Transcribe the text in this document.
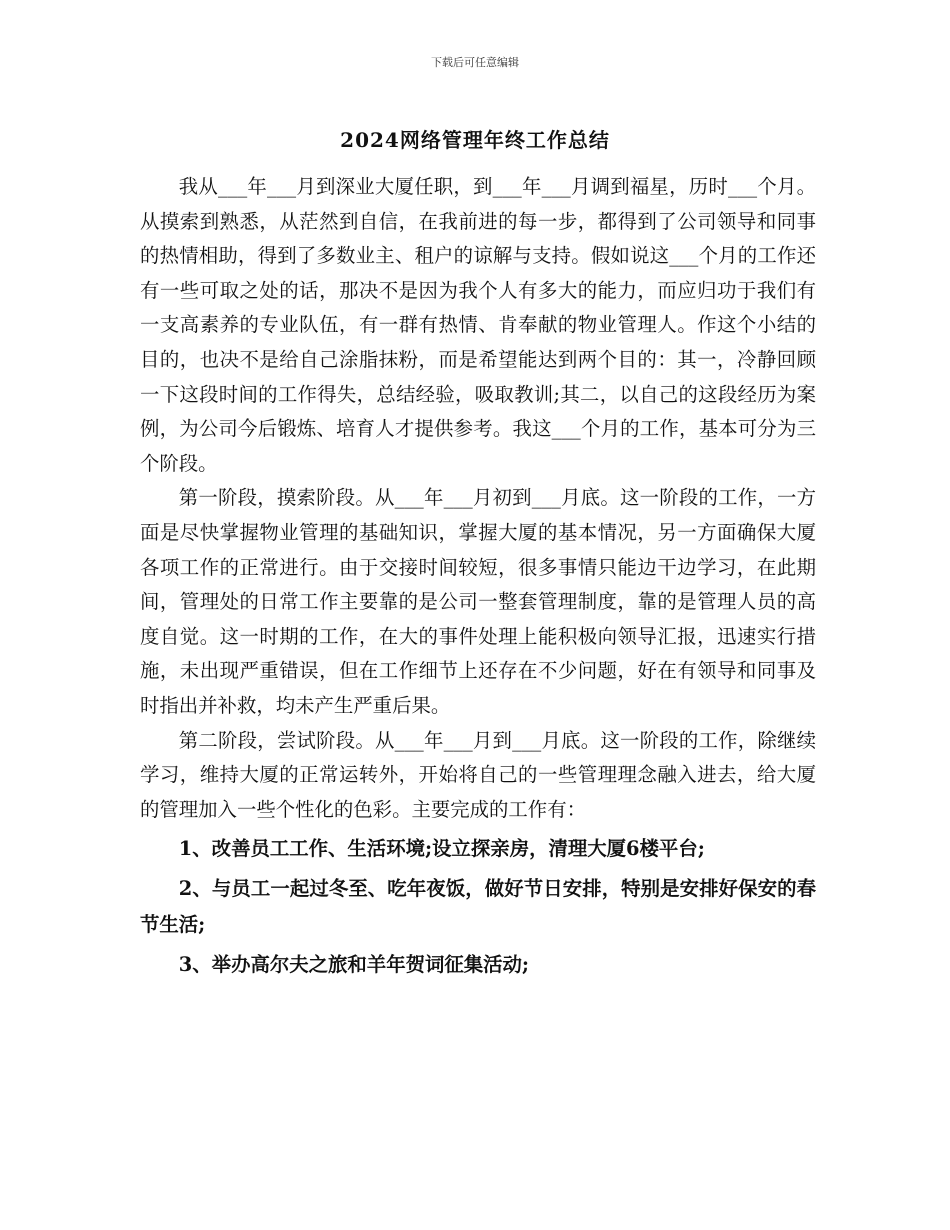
下载后可任意编辑
2024网络管理年终工作总结

我从___年___月到深业大厦任职，到___年___月调到福星，历时___个月。从摸索到熟悉，从茫然到自信，在我前进的每一步，都得到了公司领导和同事的热情相助，得到了多数业主、租户的谅解与支持。假如说这___个月的工作还有一些可取之处的话，那决不是因为我个人有多大的能力，而应归功于我们有一支高素养的专业队伍，有一群有热情、肯奉献的物业管理人。作这个小结的目的，也决不是给自己涂脂抹粉，而是希望能达到两个目的：其一，冷静回顾一下这段时间的工作得失，总结经验，吸取教训;其二，以自己的这段经历为案例，为公司今后锻炼、培育人才提供参考。我这___个月的工作，基本可分为三个阶段。

第一阶段，摸索阶段。从___年___月初到___月底。这一阶段的工作，一方面是尽快掌握物业管理的基础知识，掌握大厦的基本情况，另一方面确保大厦各项工作的正常进行。由于交接时间较短，很多事情只能边干边学习，在此期间，管理处的日常工作主要靠的是公司一整套管理制度，靠的是管理人员的高度自觉。这一时期的工作，在大的事件处理上能积极向领导汇报，迅速实行措施，未出现严重错误，但在工作细节上还存在不少问题，好在有领导和同事及时指出并补救，均未产生严重后果。

第二阶段，尝试阶段。从___年___月到___月底。这一阶段的工作，除继续学习，维持大厦的正常运转外，开始将自己的一些管理理念融入进去，给大厦的管理加入一些个性化的色彩。主要完成的工作有：

1、改善员工工作、生活环境;设立探亲房，清理大厦6楼平台;

2、与员工一起过冬至、吃年夜饭，做好节日安排，特别是安排好保安的春节生活;

3、举办高尔夫之旅和羊年贺词征集活动;
